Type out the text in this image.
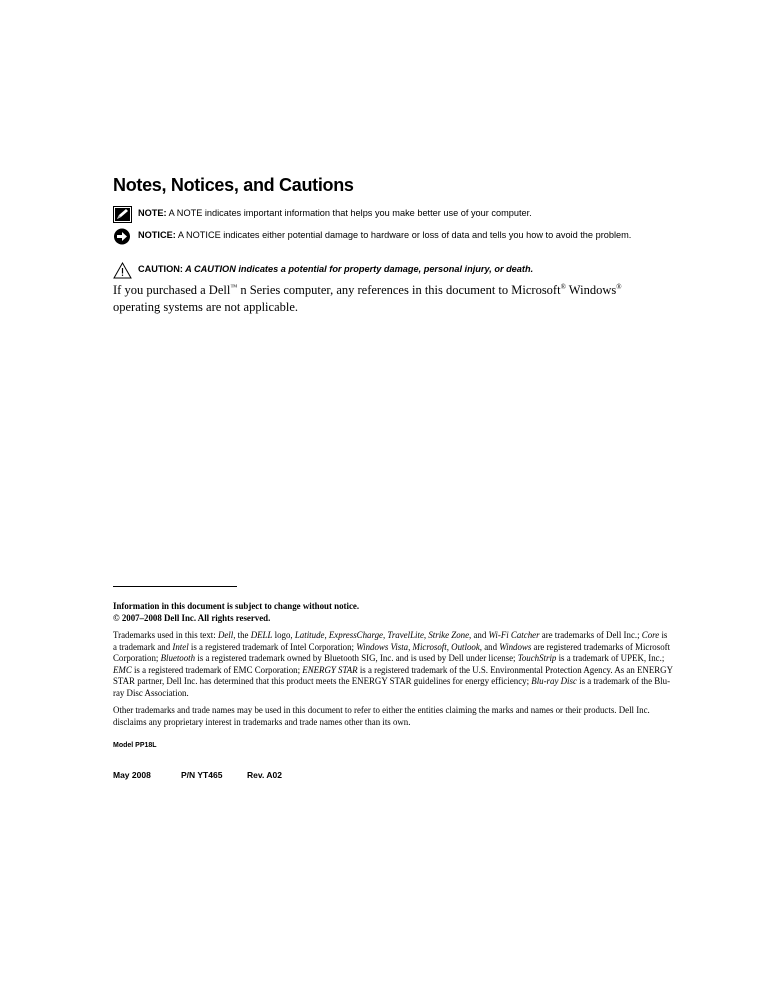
Notes, Notices, and Cautions
NOTE: A NOTE indicates important information that helps you make better use of your computer.
NOTICE: A NOTICE indicates either potential damage to hardware or loss of data and tells you how to avoid the problem.
CAUTION: A CAUTION indicates a potential for property damage, personal injury, or death.
If you purchased a Dell™ n Series computer, any references in this document to Microsoft® Windows®
operating systems are not applicable.
Information in this document is subject to change without notice.
© 2007–2008 Dell Inc. All rights reserved.
Trademarks used in this text: Dell, the DELL logo, Latitude, ExpressCharge, TravelLite, Strike Zone, and Wi-Fi Catcher are trademarks of Dell Inc.; Core is a trademark and Intel is a registered trademark of Intel Corporation; Windows Vista, Microsoft, Outlook, and Windows are registered trademarks of Microsoft Corporation; Bluetooth is a registered trademark owned by Bluetooth SIG, Inc. and is used by Dell under license; TouchStrip is a trademark of UPEK, Inc.; EMC is a registered trademark of EMC Corporation; ENERGY STAR is a registered trademark of the U.S. Environmental Protection Agency. As an ENERGY STAR partner, Dell Inc. has determined that this product meets the ENERGY STAR guidelines for energy efficiency; Blu-ray Disc is a trademark of the Blu-ray Disc Association.
Other trademarks and trade names may be used in this document to refer to either the entities claiming the marks and names or their products. Dell Inc. disclaims any proprietary interest in trademarks and trade names other than its own.
Model PP18L
May 2008	P/N YT465	Rev. A02
